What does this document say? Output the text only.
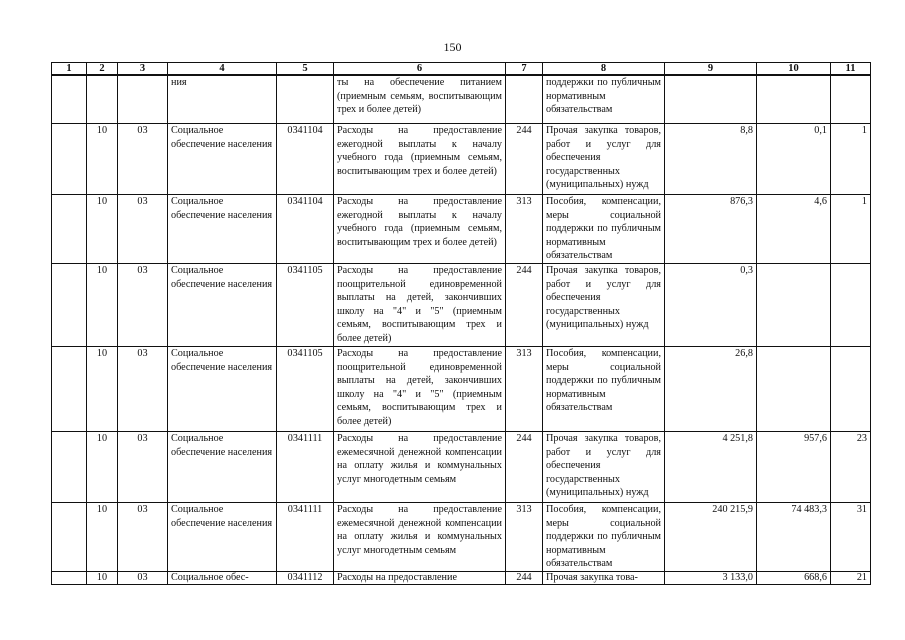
150
1	2	3	4	5	6	7	8	9	10	11
			ния		ты на обеспечение питанием (приемным семьям, воспитывающим трех и более детей)		поддержки по публичным нормативным обязательствам			
	10	03	Социальное обеспечение населения	0341104	Расходы на предоставление ежегодной выплаты к началу учебного года (приемным семьям, воспитывающим трех и более детей)	244	Прочая закупка товаров, работ и услуг для обеспечения государственных (муниципальных) нужд	8,8	0,1	1
	10	03	Социальное обеспечение населения	0341104	Расходы на предоставление ежегодной выплаты к началу учебного года (приемным семьям, воспитывающим трех и более детей)	313	Пособия, компенсации, меры социальной поддержки по публичным нормативным обязательствам	876,3	4,6	1
	10	03	Социальное обеспечение населения	0341105	Расходы на предоставление поощрительной единовременной выплаты на детей, закончивших школу на "4" и "5" (приемным семьям, воспитывающим трех и более детей)	244	Прочая закупка товаров, работ и услуг для обеспечения государственных (муниципальных) нужд	0,3		
	10	03	Социальное обеспечение населения	0341105	Расходы на предоставление поощрительной единовременной выплаты на детей, закончивших школу на "4" и "5" (приемным семьям, воспитывающим трех и более детей)	313	Пособия, компенсации, меры социальной поддержки по публичным нормативным обязательствам	26,8		
	10	03	Социальное обеспечение населения	0341111	Расходы на предоставление ежемесячной денежной компенсации на оплату жилья и коммунальных услуг многодетным семьям	244	Прочая закупка товаров, работ и услуг для обеспечения государственных (муниципальных) нужд	4 251,8	957,6	23
	10	03	Социальное обеспечение населения	0341111	Расходы на предоставление ежемесячной денежной компенсации на оплату жилья и коммунальных услуг многодетным семьям	313	Пособия, компенсации, меры социальной поддержки по публичным нормативным обязательствам	240 215,9	74 483,3	31
	10	03	Социальное обес-	0341112	Расходы на предоставление	244	Прочая закупка това-	3 133,0	668,6	21
